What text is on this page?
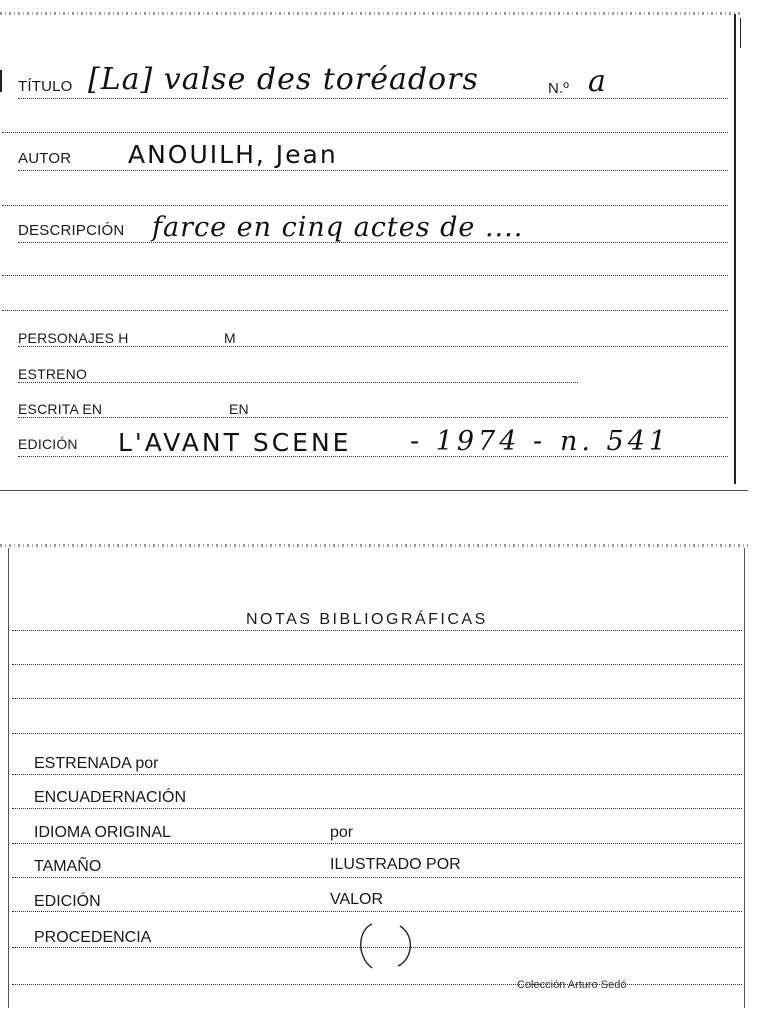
TÍTULO [La] valse des toréadors	N.º a
AUTOR ANOUILH, Jean
DESCRIPCIÓN farce en cinq actes de ....
PERSONAJES H	M
ESTRENO
ESCRITA EN	EN
EDICIÓN L'AVANT SCENE - 1974 - n. 541
NOTAS BIBLIOGRÁFICAS
ESTRENADA por
ENCUADERNACIÓN
IDIOMA ORIGINAL	por
TAMAÑO	ILUSTRADO POR
EDICIÓN	VALOR
PROCEDENCIA
Colección Arturo Sedó
